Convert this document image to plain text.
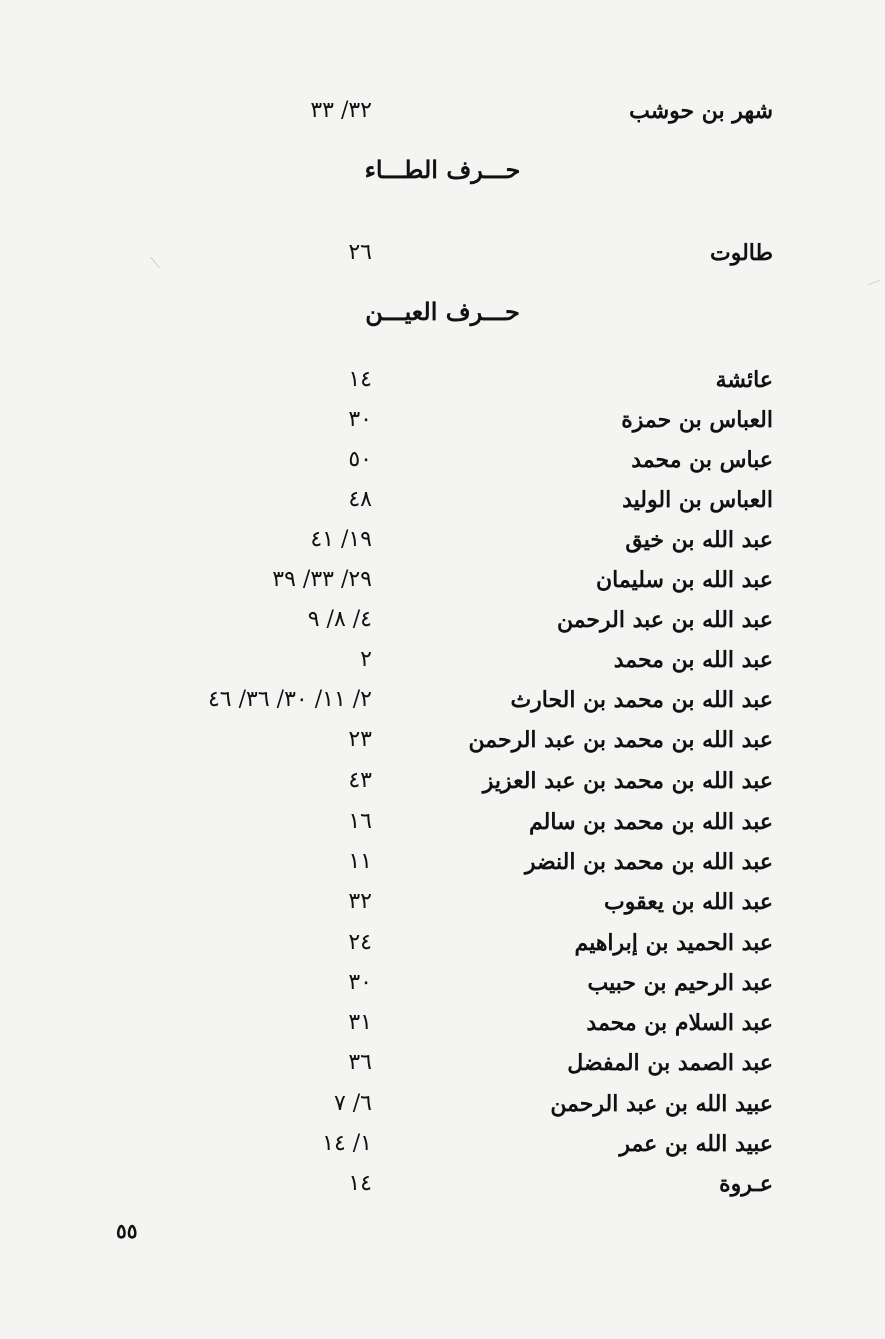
شهر بن حوشب
٣٢/ ٣٣
حـــرف الطـــاء
طالوت
٢٦
حـــرف العيـــن
عائشة
١٤
العباس بن حمزة
٣٠
عباس بن محمد
٥٠
العباس بن الوليد
٤٨
عبد الله بن خيق
١٩/ ٤١
عبد الله بن سليمان
٢٩/ ٣٣/ ٣٩
عبد الله بن عبد الرحمن
٤/ ٨/ ٩
عبد الله بن محمد
٢
عبد الله بن محمد بن الحارث
٢/ ١١/ ٣٠/ ٣٦/ ٤٦
عبد الله بن محمد بن عبد الرحمن
٢٣
عبد الله بن محمد بن عبد العزيز
٤٣
عبد الله بن محمد بن سالم
١٦
عبد الله بن محمد بن النضر
١١
عبد الله بن يعقوب
٣٢
عبد الحميد بن إبراهيم
٢٤
عبد الرحيم بن حبيب
٣٠
عبد السلام بن محمد
٣١
عبد الصمد بن المفضل
٣٦
عبيد الله بن عبد الرحمن
٦/ ٧
عبيد الله بن عمر
١/ ١٤
عـروة
١٤
٥٥
